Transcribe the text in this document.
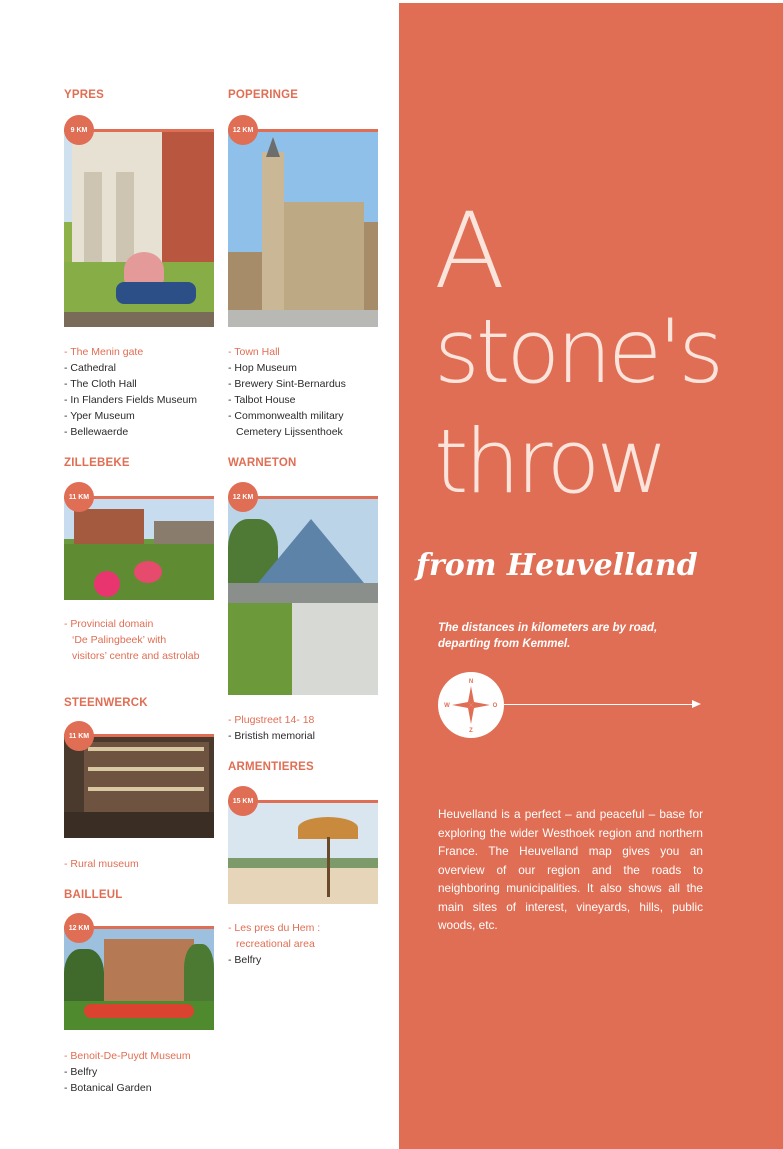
YPRES
9 KM
- The Menin gate
- Cathedral
- The Cloth Hall
- In Flanders Fields Museum
- Yper Museum
- Bellewaerde
POPERINGE
12 KM
- Town Hall
- Hop Museum
- Brewery Sint-Bernardus
- Talbot House
- Commonwealth military
Cemetery Lijssenthoek
ZILLEBEKE
11 KM
- Provincial domain
‘De Palingbeek’ with
visitors’ centre and astrolab
WARNETON
12 KM
- Plugstreet 14- 18
- Bristish memorial
STEENWERCK
11 KM
- Rural museum
ARMENTIERES
15 KM
- Les pres du Hem :
recreational area
- Belfry
BAILLEUL
12 KM
- Benoit-De-Puydt Museum
- Belfry
- Botanical Garden
A
stone's
throw
from Heuvelland
The distances in kilometers are by road, departing from Kemmel.
N
Z
W	O
Heuvelland is a perfect – and peaceful – base for exploring the wider Westhoek region and northern France. The Heuvelland map gives you an overview of our region and the roads to neighboring municipalities. It also shows all the main sites of interest, vineyards, hills, public woods, etc.
